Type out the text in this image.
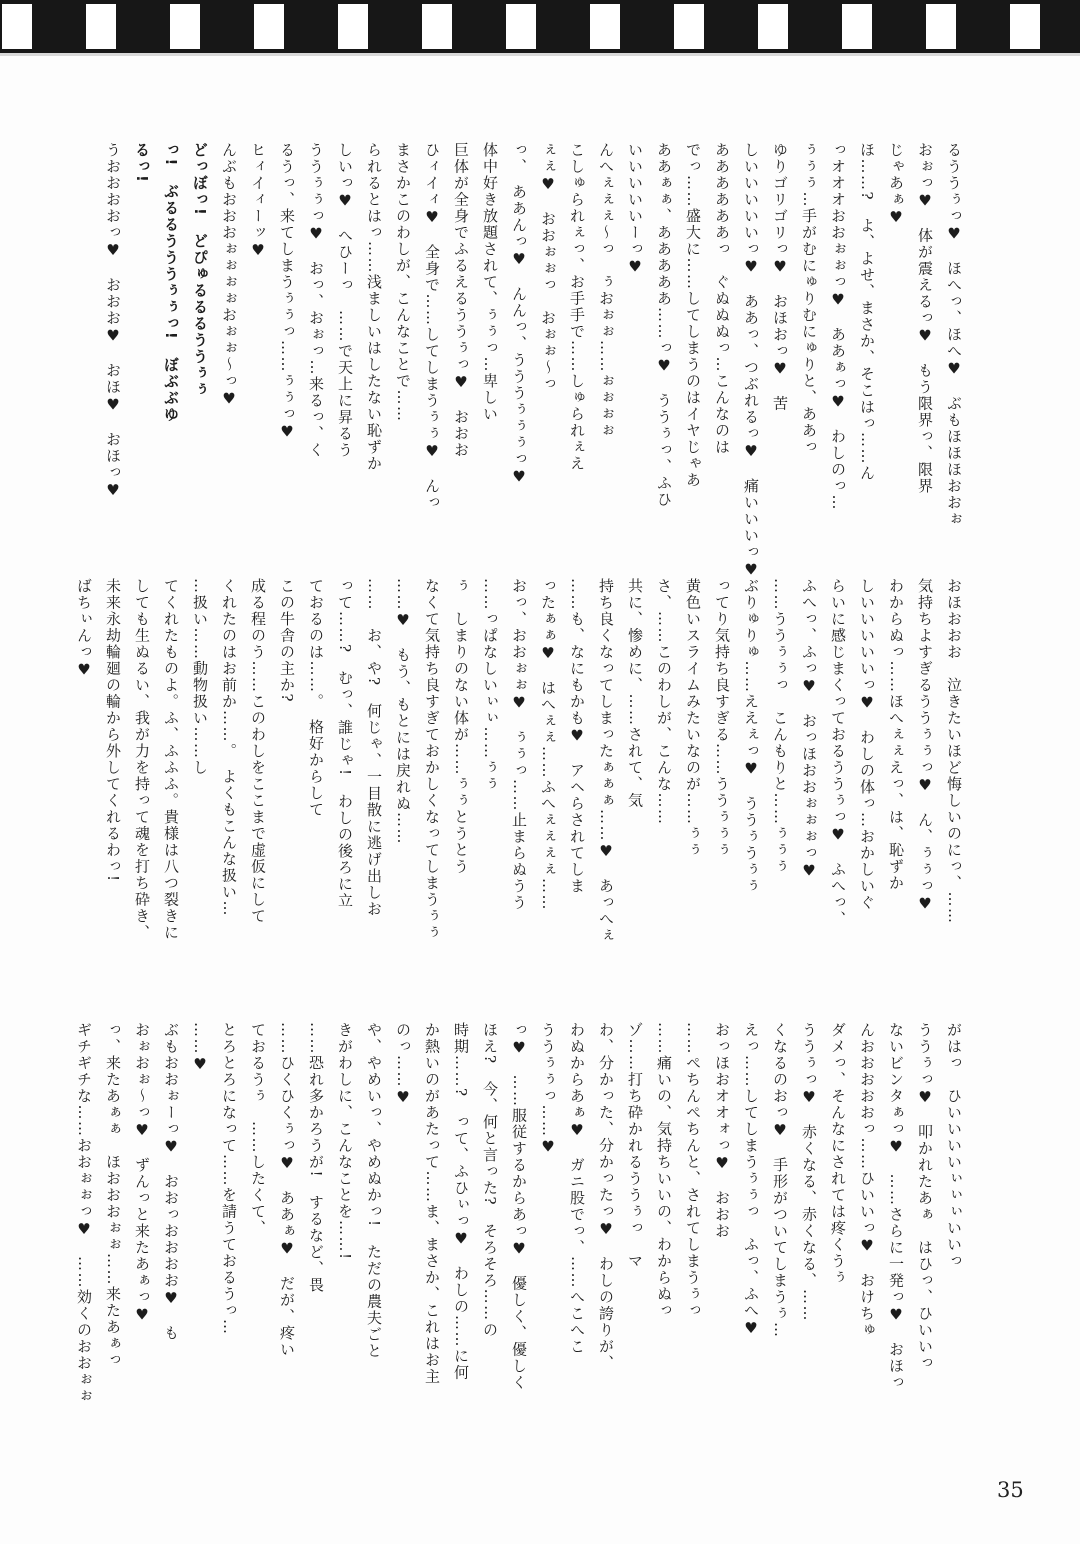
るううぅっ♥　ほへっ、ほへ♥　ぶもほほほおおぉ
おぉっ♥　体が震えるっ♥　もう限界っ、限界
じゃあぁ♥
ほ……?　よ、よせ、まさか、そこはっ……ん
っオオオおおぉぉっ♥　ああぁっ♥　わしのっ…
ぅぅぅ…手がむにゅりむにゅりと、ああっ
ゆりゴリゴリっ♥　おほおっ♥　苦
しいいいいいっ♥　ああっ、つぶれるっ♥　痛いいいっ♥
ああああああっ　ぐぬぬぬっ…こんなのは
でっ……盛大に……してしまうのはイヤじゃあ
ああぁぁ、あああああ……っ♥　ううぅっ、ふひ
いいいいいーっ♥
んへぇぇぇ〜っ　ぅおぉぉ……ぉぉぉぉ
こしゅられぇっ、お手手で……しゅられぇえ
ぇぇ♥　おおぉぉっ　おぉぉ〜っ
っ、　ああんっ♥　んんっ、うううぅぅぅっ♥
体中好き放題されて、ぅぅっ…卑しい
巨体が全身でふるえるううぅっ♥　おおお
ひィイィ♥　全身で……してしまうぅぅ♥　んっ
まさかこのわしが、こんなことで……
られるとはっ……浅ましいはしたない恥ずか
しいっ♥　へひーっ　……で天上に昇るう
ううぅぅっ♥　おっ、おぉっ…来るっ、く
るうっ、来てしまうぅぅっ……ぅぅっ♥
ヒィイィーッ♥
んぶもおおおぉぉぉぉおぉぉ〜っ♥
どっぼっ!　どぴゅるるるううぅぅ
っ!　ぶるるうううぅぅっ!　ぼぶぶゆ
るっ!
うおおおおっ♥　おおお♥　おほ♥　おほっ♥
おほおおお　泣きたいほど悔しいのにっ、……
気持ちよすぎるううぅぅっ♥　ん、ぅぅっ♥
わからぬっ……ほへぇぇえっ、は、恥ずか
しいいいいいっ♥　わしの体っ…おかしいぐ
らいに感じまくっておるううぅっ♥　ふへっ、
ふへっ、ふっ♥　おっほおおぉぉぉっ♥
……ううぅぅっ　こんもりと……ぅぅぅ
ぶりゅりゅ……ええぇっ♥　ううぅうぅぅ
ってり気持ち良すぎる……ううぅぅぅ
黄色いスライムみたいなのが……ぅぅ
さ、……このわしが、こんな……
共に、惨めに、……されて、気
持ち良くなってしまったぁぁぁ……♥　あっへぇ
……も、なにもかも♥　アヘらされてしま
ったぁぁ♥　はへぇぇ……ふへぇぇぇぇ……
おっ、おおぉぉ♥　ぅぅっ……止まらぬうう
……っぱなしいぃぃ……ぅぅ
ぅ　しまりのない体が……ぅぅとうとう
なくて気持ち良すぎておかしくなってしまうぅぅ
……♥　もう、もとには戻れぬ……
……　お、や?　何じゃ、一目散に逃げ出しお
って……?　むっ、誰じゃ!　わしの後ろに立
ておるのは……。　格好からして
この牛舎の主か?
成る程のう……このわしをここまで虚仮にして
くれたのはお前か……。　よくもこんな扱い…
…扱い……動物扱い……し
てくれたものよ。ふ、ふふふ。貴様は八つ裂きに
しても生ぬるい、我が力を持って魂を打ち砕き、
未来永劫輪廻の輪から外してくれるわっ!
ばちぃんっ♥
がはっ　ひいいいいぃぃぃいいっ
ううぅっ♥　叩かれたあぁ　はひっ、ひいいっ
ないビンタぁっ♥　……さらに一発っ♥　おほっ
んおおおおおっ……ひいいっ♥　おけちゅ
ダメっ、そんなにされては疼くうぅ
ううぅっ♥　赤くなる、赤くなる、……
くなるのおっ♥　手形がついてしまうぅ…
えっ……してしまうぅぅっ　ふっ、ふへ♥
おっほおオオォっ♥　おおお
……ぺちんぺちんと、されてしまうぅっ
……痛いの、気持ちいいの、わからぬっ
ゾ……打ち砕かれるううぅっ　マ
わ、分かった、分かったっ♥　わしの誇りが、
わぬからあぁ♥　ガニ股でっ、……へこへこ
ううぅぅっ……♥
っ♥　……服従するからあっ♥　優しく、優しく
ほえ?　今、何と言った?　そろそろ……の
時期……?　って、ふひぃっ♥　わしの……に何
か熱いのがあたって……ま、まさか、これはお主
のっ……♥
や、やめいっ、やめぬかっ!　ただの農夫ごと
きがわしに、こんなことを……!
……恐れ多かろうが!　するなど、畏
……ひくひくぅっ♥　ああぁ♥　だが、疼い
ておるうぅ　……したくて、
とろとろになって……を請うておるうっ…
……♥
ぶもおおぉーっ♥　おおっおおおお♥　も
おぉおぉ〜っ♥　ずんっと来たあぁっ♥
っ、来たあぁぁ　ほおおおぉぉ……来たあぁっ
ギチギチな……おおぉぉっ♥　……効くのおおぉぉ
35
